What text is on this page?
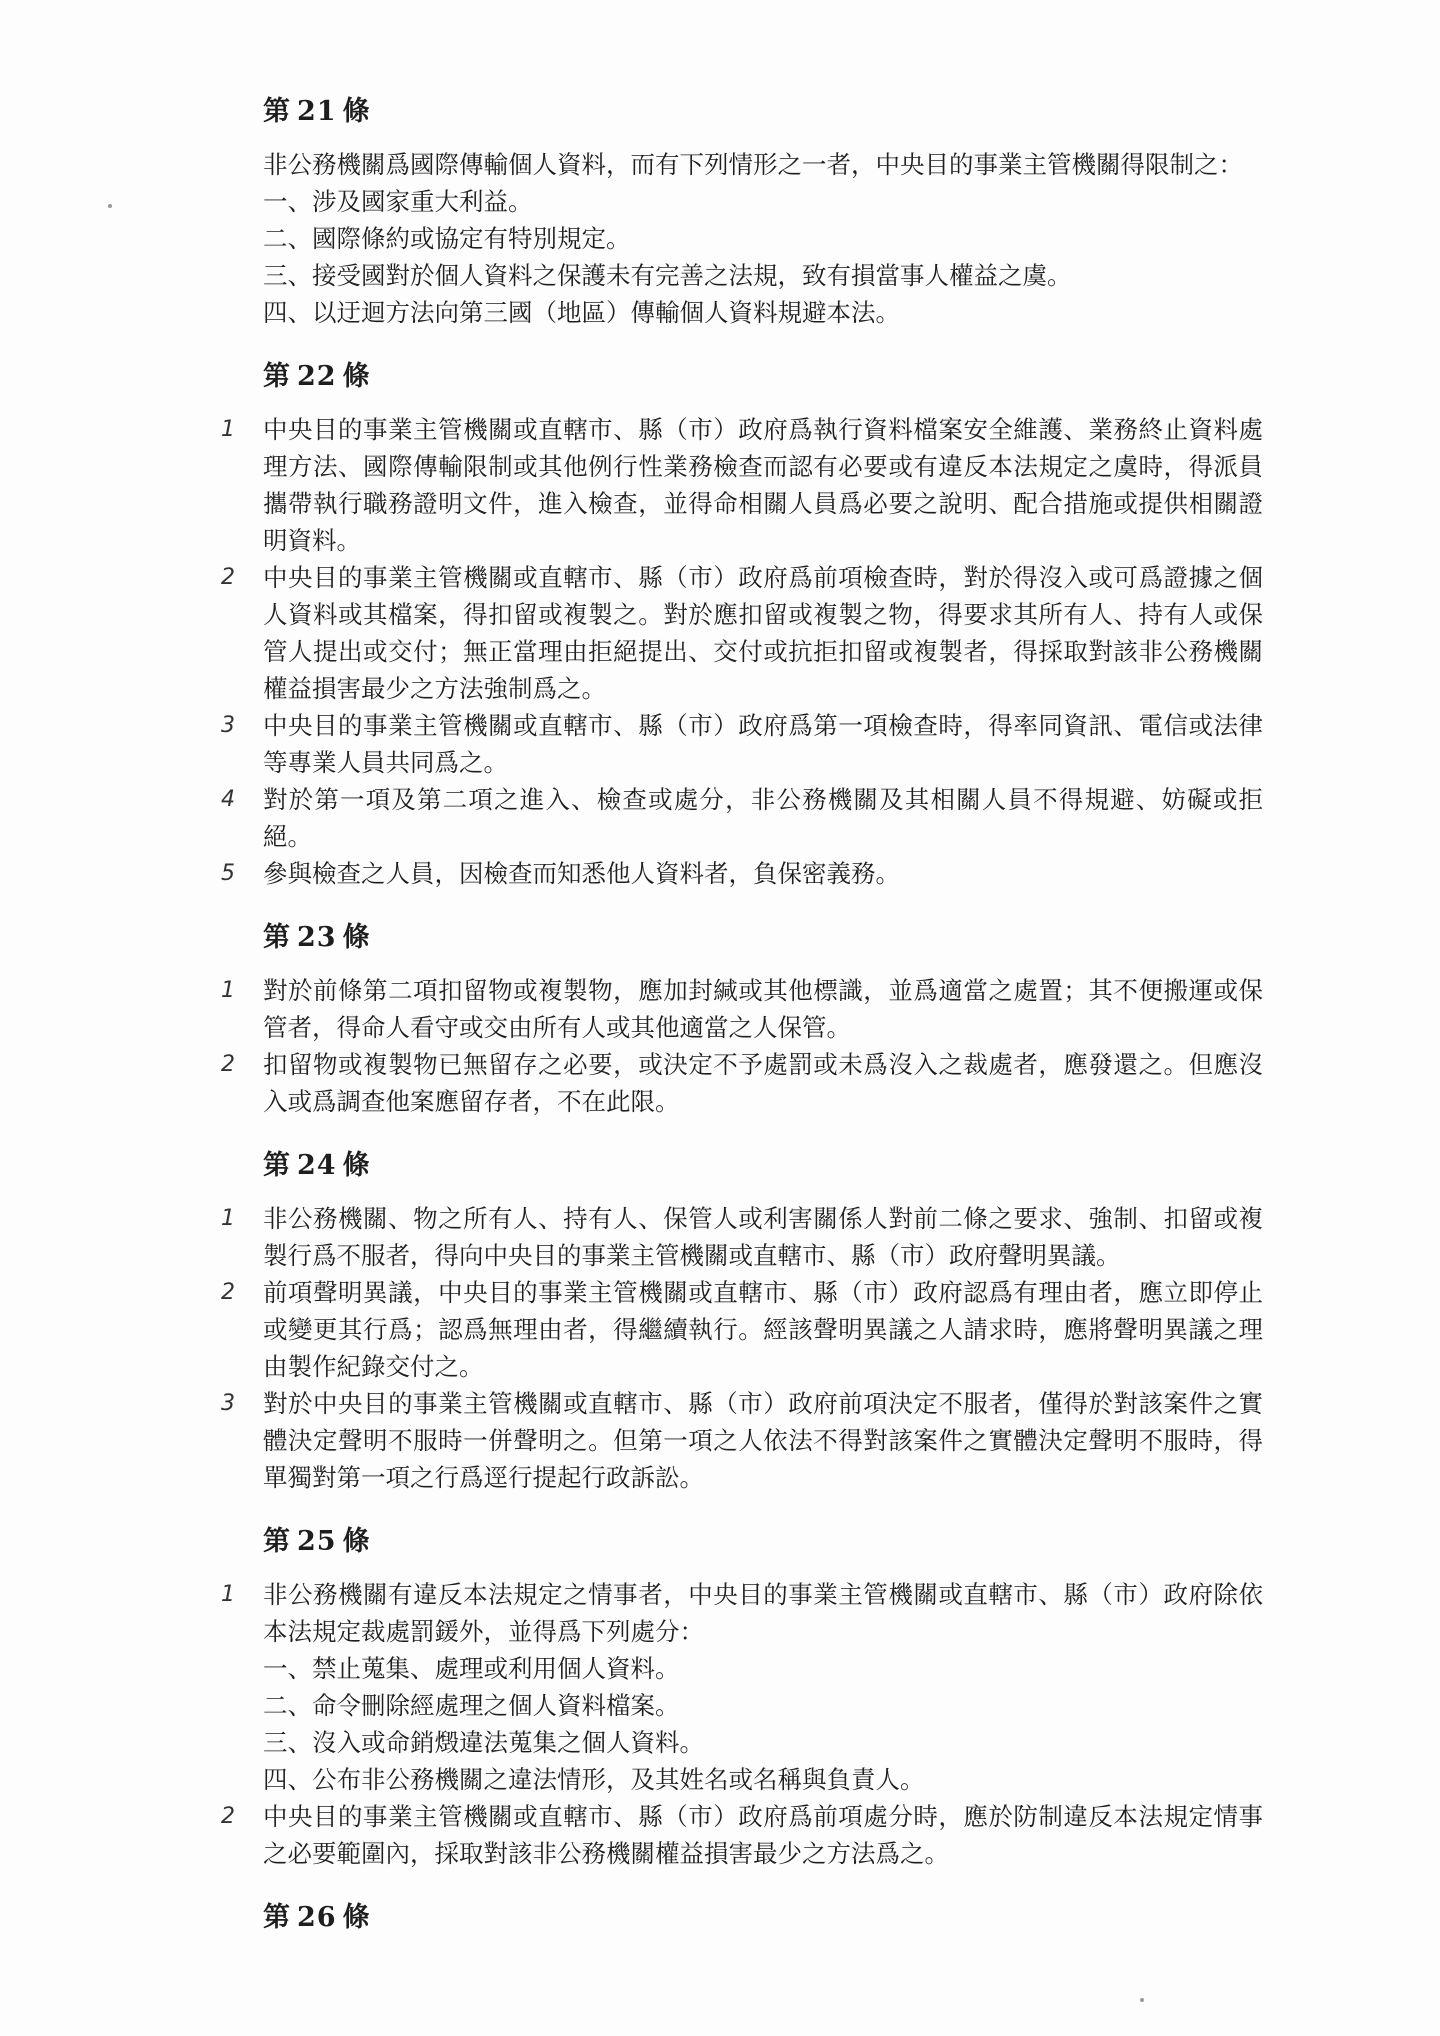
第 21 條

非公務機關爲國際傳輸個人資料，而有下列情形之一者，中央目的事業主管機關得限制之：

一、涉及國家重大利益。

二、國際條約或協定有特別規定。

三、接受國對於個人資料之保護未有完善之法規，致有損當事人權益之虞。

四、以迂迴方法向第三國（地區）傳輸個人資料規避本法。

第 22 條
1 中央目的事業主管機關或直轄市、縣（市）政府爲執行資料檔案安全維護、業務終止資料處理方法、國際傳輸限制或其他例行性業務檢查而認有必要或有違反本法規定之虞時，得派員攜帶執行職務證明文件，進入檢查，並得命相關人員爲必要之說明、配合措施或提供相關證明資料。
2 中央目的事業主管機關或直轄市、縣（市）政府爲前項檢查時，對於得沒入或可爲證據之個人資料或其檔案，得扣留或複製之。對於應扣留或複製之物，得要求其所有人、持有人或保管人提出或交付；無正當理由拒絕提出、交付或抗拒扣留或複製者，得採取對該非公務機關權益損害最少之方法強制爲之。
3 中央目的事業主管機關或直轄市、縣（市）政府爲第一項檢查時，得率同資訊、電信或法律等專業人員共同爲之。
4 對於第一項及第二項之進入、檢查或處分，非公務機關及其相關人員不得規避、妨礙或拒絕。
5 參與檢查之人員，因檢查而知悉他人資料者，負保密義務。
第 23 條
1 對於前條第二項扣留物或複製物，應加封緘或其他標識，並爲適當之處置；其不便搬運或保管者，得命人看守或交由所有人或其他適當之人保管。
2 扣留物或複製物已無留存之必要，或決定不予處罰或未爲沒入之裁處者，應發還之。但應沒入或爲調查他案應留存者，不在此限。
第 24 條
1 非公務機關、物之所有人、持有人、保管人或利害關係人對前二條之要求、強制、扣留或複製行爲不服者，得向中央目的事業主管機關或直轄市、縣（市）政府聲明異議。
2 前項聲明異議，中央目的事業主管機關或直轄市、縣（市）政府認爲有理由者，應立即停止或變更其行爲；認爲無理由者，得繼續執行。經該聲明異議之人請求時，應將聲明異議之理由製作紀錄交付之。
3 對於中央目的事業主管機關或直轄市、縣（市）政府前項決定不服者，僅得於對該案件之實體決定聲明不服時一併聲明之。但第一項之人依法不得對該案件之實體決定聲明不服時，得單獨對第一項之行爲逕行提起行政訴訟。
第 25 條
1 非公務機關有違反本法規定之情事者，中央目的事業主管機關或直轄市、縣（市）政府除依本法規定裁處罰鍰外，並得爲下列處分：

一、禁止蒐集、處理或利用個人資料。

二、命令刪除經處理之個人資料檔案。

三、沒入或命銷燬違法蒐集之個人資料。

四、公布非公務機關之違法情形，及其姓名或名稱與負責人。

2 中央目的事業主管機關或直轄市、縣（市）政府爲前項處分時，應於防制違反本法規定情事之必要範圍內，採取對該非公務機關權益損害最少之方法爲之。
第 26 條
